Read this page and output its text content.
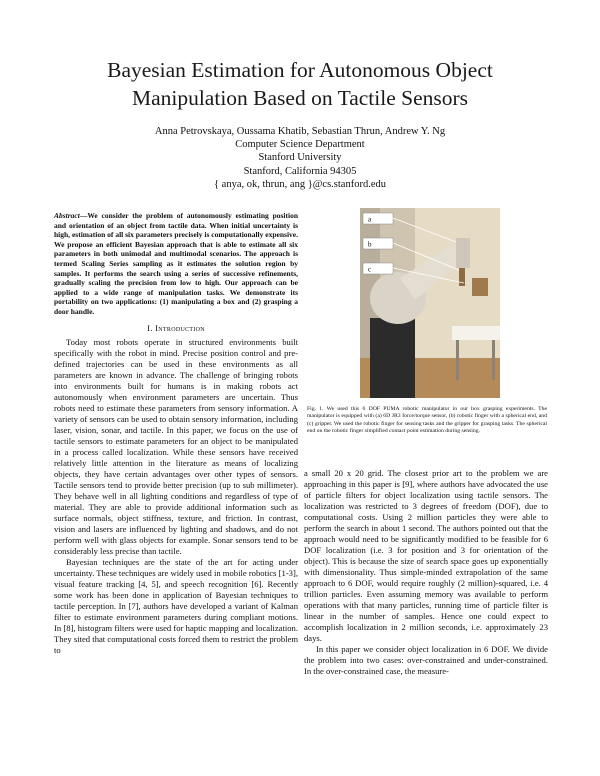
Bayesian Estimation for Autonomous Object
Manipulation Based on Tactile Sensors
Anna Petrovskaya, Oussama Khatib, Sebastian Thrun, Andrew Y. Ng
Computer Science Department
Stanford University
Stanford, California 94305
{ anya, ok, thrun, ang }@cs.stanford.edu
Abstract—We consider the problem of autonomously estimating position and orientation of an object from tactile data. When initial uncertainty is high, estimation of all six parameters precisely is computationally expensive. We propose an efficient Bayesian approach that is able to estimate all six parameters in both unimodal and multimodal scenarios. The approach is termed Scaling Series sampling as it estimates the solution region by samples. It performs the search using a series of successive refinements, gradually scaling the precision from low to high. Our approach can be applied to a wide range of manipulation tasks. We demonstrate its portability on two applications: (1) manipulating a box and (2) grasping a door handle.
I. Introduction

Today most robots operate in structured environments built specifically with the robot in mind. Precise position control and pre-defined trajectories can be used in these environments as all parameters are known in advance. The challenge of bringing robots into environments built for humans is in making robots act autonomously when environment parameters are uncertain. Thus robots need to estimate these parameters from sensory information. A variety of sensors can be used to obtain sensory information, including laser, vision, sonar, and tactile. In this paper, we focus on the use of tactile sensors to estimate parameters for an object to be manipulated in a process called localization. While these sensors have received relatively little attention in the literature as means of localizing objects, they have certain advantages over other types of sensors. Tactile sensors tend to provide better precision (up to sub millimeter). They behave well in all lighting conditions and regardless of type of material. They are able to provide additional information such as surface normals, object stiffness, texture, and friction. In contrast, vision and lasers are influenced by lighting and shadows, and do not perform well with glass objects for example. Sonar sensors tend to be considerably less precise than tactile.

Bayesian techniques are the state of the art for acting under uncertainty. These techniques are widely used in mobile robotics [1-3], visual feature tracking [4, 5], and speech recognition [6]. Recently some work has been done in application of Bayesian techniques to tactile perception. In [7], authors have developed a variant of Kalman filter to estimate environment parameters during compliant motions. In [8], histogram filters were used for haptic mapping and localization. They sited that computational costs forced them to restrict the problem to

a
b
c
Fig. 1. We used this 6 DOF PUMA robotic manipulator in our box grasping experiments. The manipulator is equipped with (a) 6D JR3 force/torque sensor, (b) robotic finger with a spherical end, and (c) gripper. We used the robotic finger for sensing tasks and the gripper for grasping tasks. The spherical end on the robotic finger simplified contact point estimation during sensing.

a small 20 x 20 grid. The closest prior art to the problem we are approaching in this paper is [9], where authors have advocated the use of particle filters for object localization using tactile sensors. The localization was restricted to 3 degrees of freedom (DOF), due to computational costs. Using 2 million particles they were able to perform the search in about 1 second. The authors pointed out that the approach would need to be significantly modified to be feasible for 6 DOF localization (i.e. 3 for position and 3 for orientation of the object). This is because the size of search space goes up exponentially with dimensionality. Thus simple-minded extrapolation of the same approach to 6 DOF, would require roughly (2 million)-squared, i.e. 4 trillion particles. Even assuming memory was available to perform operations with that many particles, running time of particle filter is linear in the number of samples. Hence one could expect to accomplish localization in 2 million seconds, i.e. approximately 23 days.

In this paper we consider object localization in 6 DOF. We divide the problem into two cases: over-constrained and under-constrained. In the over-constrained case, the measure-
